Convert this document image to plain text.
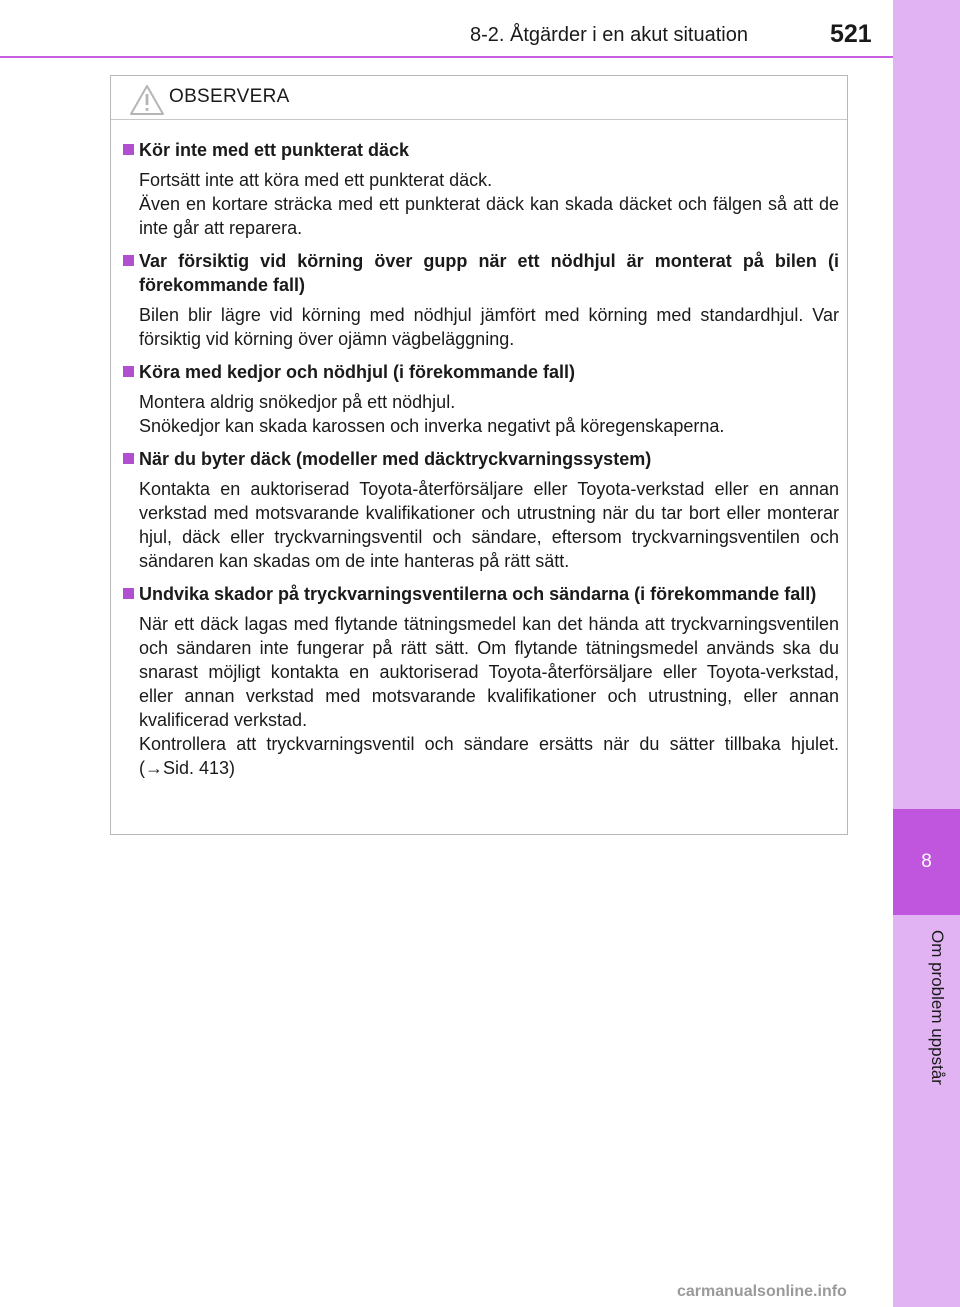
8-2. Åtgärder i en akut situation	521
8
Om problem uppstår
OBSERVERA
Kör inte med ett punkterat däck

Fortsätt inte att köra med ett punkterat däck.

Även en kortare sträcka med ett punkterat däck kan skada däcket och fälgen så att de inte går att reparera.

Var försiktig vid körning över gupp när ett nödhjul är monterat på bilen (i förekommande fall)

Bilen blir lägre vid körning med nödhjul jämfört med körning med standardhjul. Var försiktig vid körning över ojämn vägbeläggning.

Köra med kedjor och nödhjul (i förekommande fall)

Montera aldrig snökedjor på ett nödhjul.

Snökedjor kan skada karossen och inverka negativt på köregenskaperna.

När du byter däck (modeller med däcktryckvarningssystem)

Kontakta en auktoriserad Toyota-återförsäljare eller Toyota-verkstad eller en annan verkstad med motsvarande kvalifikationer och utrustning när du tar bort eller monterar hjul, däck eller tryckvarningsventil och sändare, eftersom tryckvarningsventilen och sändaren kan skadas om de inte hanteras på rätt sätt.

Undvika skador på tryckvarningsventilerna och sändarna (i förekommande fall)

När ett däck lagas med flytande tätningsmedel kan det hända att tryckvarningsventilen och sändaren inte fungerar på rätt sätt. Om flytande tätningsmedel används ska du snarast möjligt kontakta en auktoriserad Toyota-återförsäljare eller Toyota-verkstad, eller annan verkstad med motsvarande kvalifikationer och utrustning, eller annan kvalificerad verkstad.

Kontrollera att tryckvarningsventil och sändare ersätts när du sätter tillbaka hjulet. (→Sid. 413)

carmanualsonline.info
